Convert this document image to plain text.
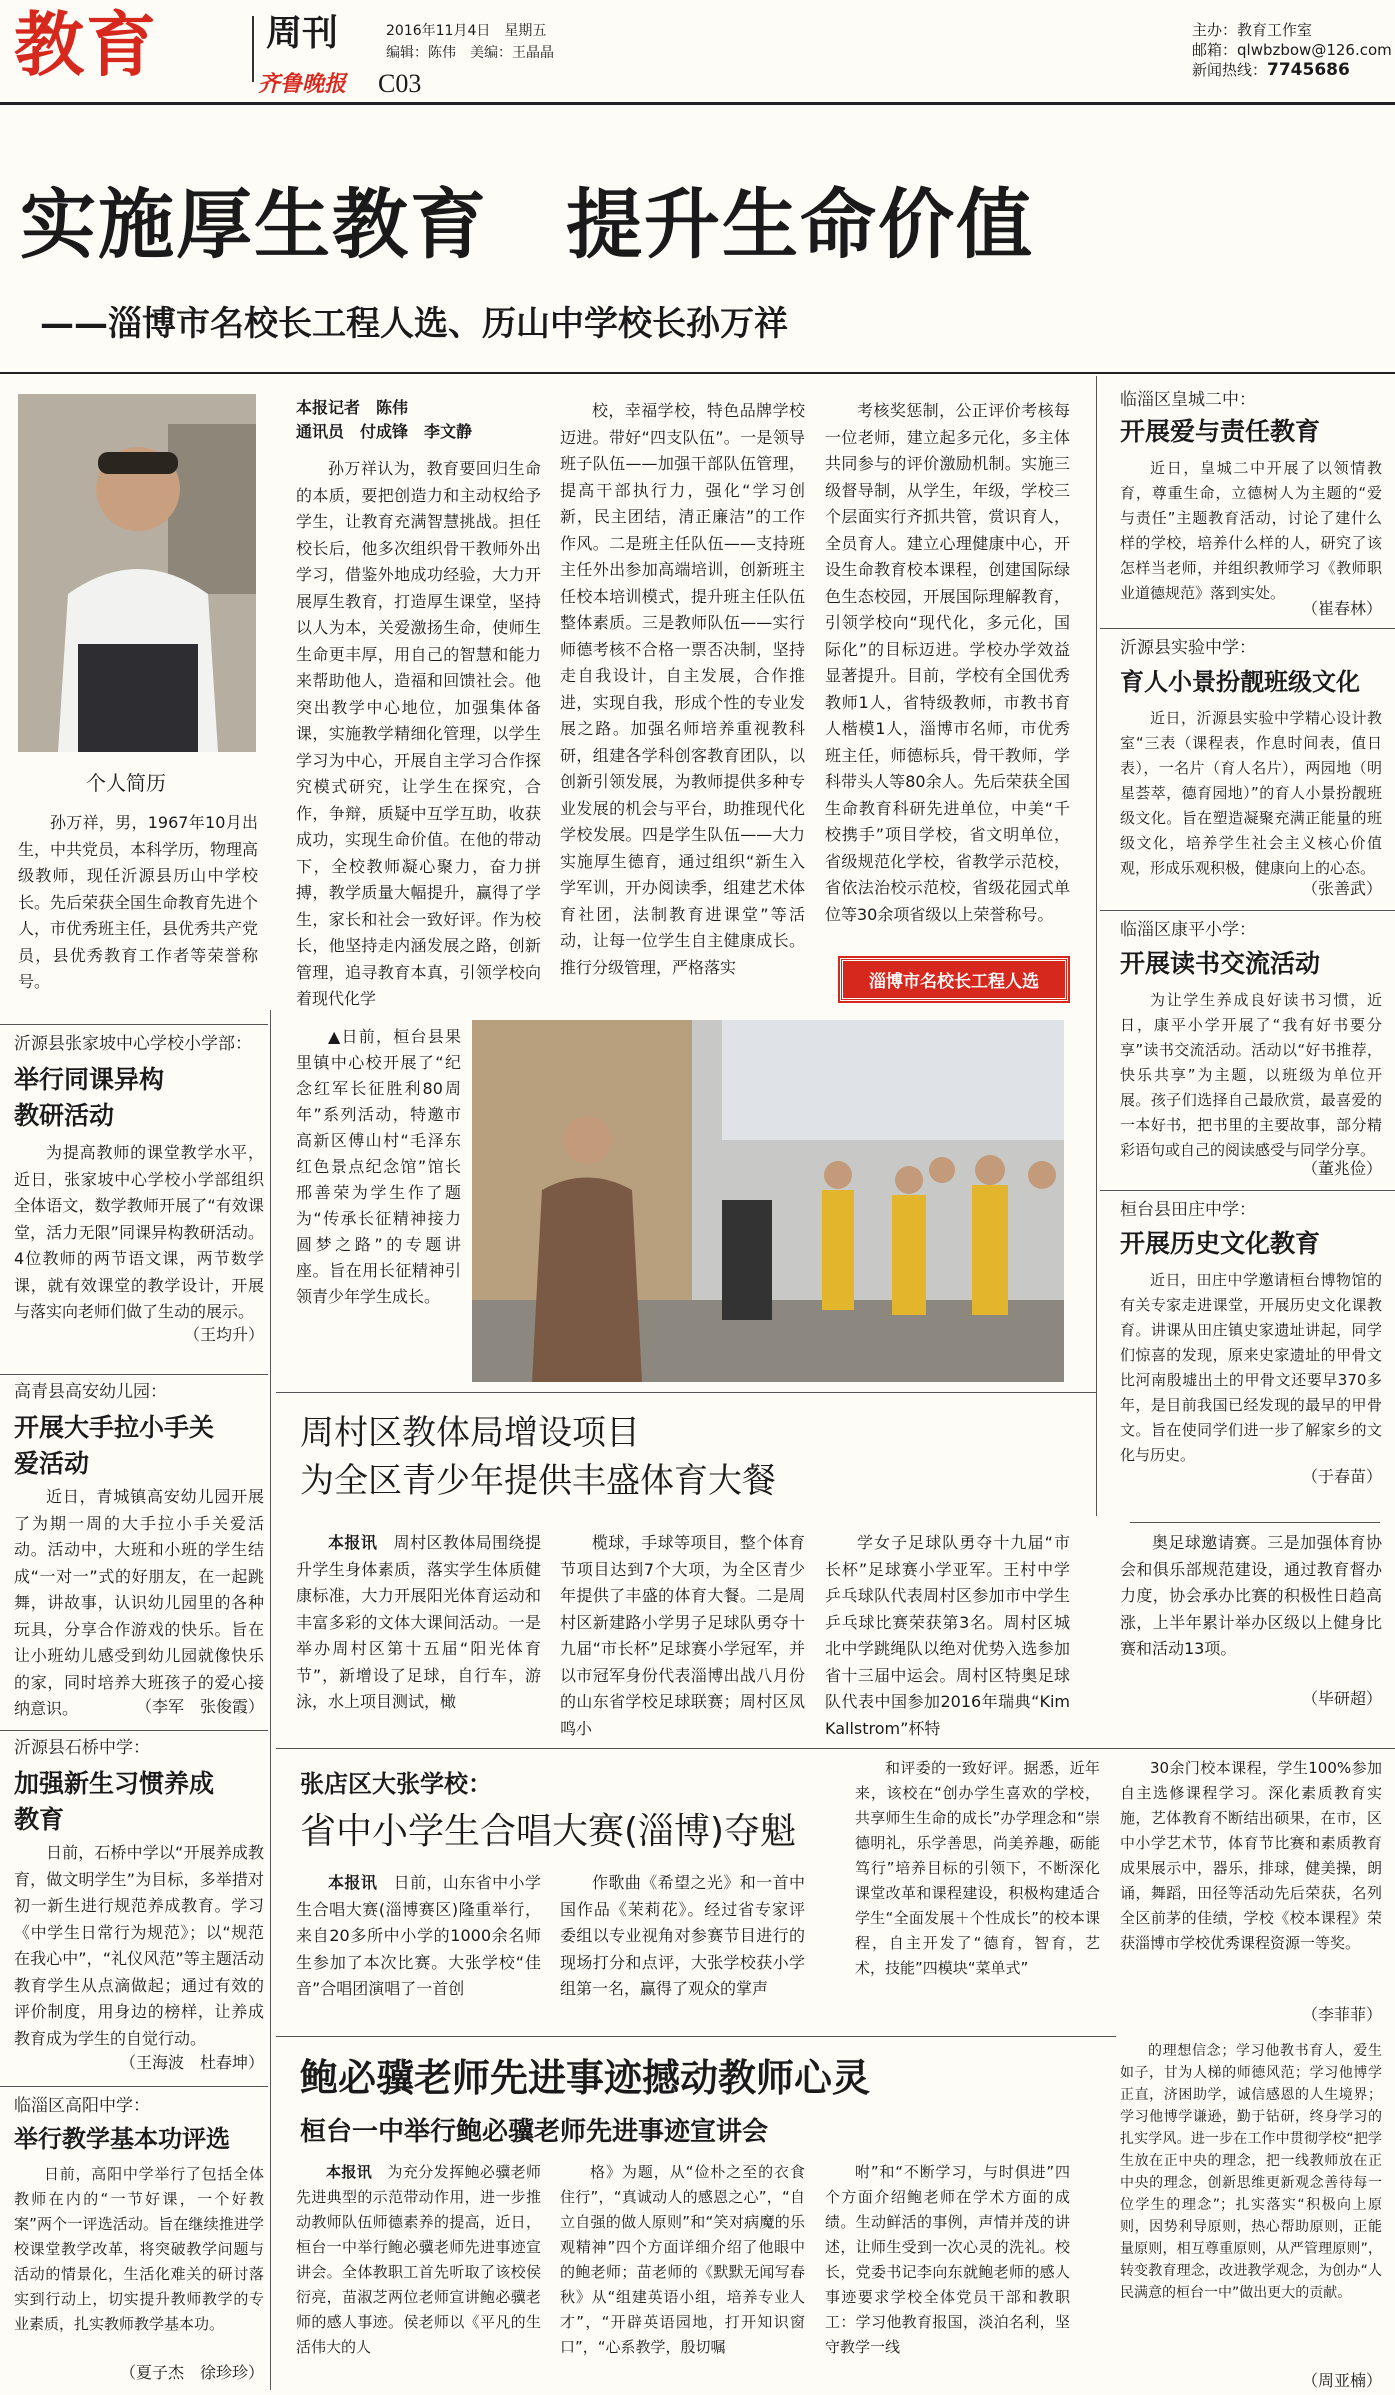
教育	周刊
齐鲁晚报 C03
2016年11月4日　星期五
编辑：陈伟　美编：王晶晶
主办：教育工作室
邮箱：qlwbzbow@126.com
新闻热线：7745686
实施厚生教育　提升生命价值
——淄博市名校长工程人选、历山中学校长孙万祥
个人简历
孙万祥，男，1967年10月出生，中共党员，本科学历，物理高级教师，现任沂源县历山中学校长。先后荣获全国生命教育先进个人，市优秀班主任，县优秀共产党员，县优秀教育工作者等荣誉称号。
本报记者　陈伟
通讯员　付成锋　李文静
孙万祥认为，教育要回归生命的本质，要把创造力和主动权给予学生，让教育充满智慧挑战。担任校长后，他多次组织骨干教师外出学习，借鉴外地成功经验，大力开展厚生教育，打造厚生课堂，坚持以人为本，关爱激扬生命，使师生生命更丰厚，用自己的智慧和能力来帮助他人，造福和回馈社会。他突出教学中心地位，加强集体备课，实施教学精细化管理，以学生学习为中心，开展自主学习合作探究模式研究，让学生在探究，合作，争辩，质疑中互学互助，收获成功，实现生命价值。在他的带动下，全校教师凝心聚力，奋力拼搏，教学质量大幅提升，赢得了学生，家长和社会一致好评。作为校长，他坚持走内涵发展之路，创新管理，追寻教育本真，引领学校向着现代化学
校，幸福学校，特色品牌学校迈进。带好“四支队伍”。一是领导班子队伍——加强干部队伍管理，提高干部执行力，强化“学习创新，民主团结，清正廉洁”的工作作风。二是班主任队伍——支持班主任外出参加高端培训，创新班主任校本培训模式，提升班主任队伍整体素质。三是教师队伍——实行师德考核不合格一票否决制，坚持走自我设计，自主发展，合作推进，实现自我，形成个性的专业发展之路。加强名师培养重视教科研，组建各学科创客教育团队，以创新引领发展，为教师提供多种专业发展的机会与平台，助推现代化学校发展。四是学生队伍——大力实施厚生德育，通过组织“新生入学军训，开办阅读季，组建艺术体育社团，法制教育进课堂”等活动，让每一位学生自主健康成长。推行分级管理，严格落实
考核奖惩制，公正评价考核每一位老师，建立起多元化，多主体共同参与的评价激励机制。实施三级督导制，从学生，年级，学校三个层面实行齐抓共管，赏识育人，全员育人。建立心理健康中心，开设生命教育校本课程，创建国际绿色生态校园，开展国际理解教育，引领学校向“现代化，多元化，国际化”的目标迈进。学校办学效益显著提升。目前，学校有全国优秀教师1人，省特级教师，市教书育人楷模1人，淄博市名师，市优秀班主任，师德标兵，骨干教师，学科带头人等80余人。先后荣获全国生命教育科研先进单位，中美“千校携手”项目学校，省文明单位，省级规范化学校，省教学示范校，省依法治校示范校，省级花园式单位等30余项省级以上荣誉称号。
淄博市名校长工程人选
▲日前，桓台县果里镇中心校开展了“纪念红军长征胜利80周年”系列活动，特邀市高新区傅山村“毛泽东红色景点纪念馆”馆长邢善荣为学生作了题为“传承长征精神接力圆梦之路”的专题讲座。旨在用长征精神引领青少年学生成长。
沂源县张家坡中心学校小学部：
举行同课异构教研活动
为提高教师的课堂教学水平，近日，张家坡中心学校小学部组织全体语文，数学教师开展了“有效课堂，活力无限”同课异构教研活动。4位教师的两节语文课，两节数学课，就有效课堂的教学设计，开展与落实向老师们做了生动的展示。
（王均升）
高青县高安幼儿园：
开展大手拉小手关爱活动
近日，青城镇高安幼儿园开展了为期一周的大手拉小手关爱活动。活动中，大班和小班的学生结成“一对一”式的好朋友，在一起跳舞，讲故事，认识幼儿园里的各种玩具，分享合作游戏的快乐。旨在让小班幼儿感受到幼儿园就像快乐的家，同时培养大班孩子的爱心接纳意识。	（李军　张俊霞）
沂源县石桥中学：
加强新生习惯养成教育
日前，石桥中学以“开展养成教育，做文明学生”为目标，多举措对初一新生进行规范养成教育。学习《中学生日常行为规范》；以“规范在我心中”，“礼仪风范”等主题活动教育学生从点滴做起；通过有效的评价制度，用身边的榜样，让养成教育成为学生的自觉行动。
（王海波　杜春坤）
临淄区高阳中学：
举行教学基本功评选
日前，高阳中学举行了包括全体教师在内的“一节好课，一个好教案”两个一评选活动。旨在继续推进学校课堂教学改革，将突破教学问题与活动的情景化，生活化难关的研讨落实到行动上，切实提升教师教学的专业素质，扎实教师教学基本功。
（夏子杰　徐珍珍）
临淄区皇城二中：
开展爱与责任教育
近日，皇城二中开展了以领情教育，尊重生命，立德树人为主题的“爱与责任”主题教育活动，讨论了建什么样的学校，培养什么样的人，研究了该怎样当老师，并组织教师学习《教师职业道德规范》落到实处。
（崔春林）
沂源县实验中学：
育人小景扮靓班级文化
近日，沂源县实验中学精心设计教室“三表（课程表，作息时间表，值日表），一名片（育人名片），两园地（明星荟萃，德育园地）”的育人小景扮靓班级文化。旨在塑造凝聚充满正能量的班级文化，培养学生社会主义核心价值观，形成乐观积极，健康向上的心态。
（张善武）
临淄区康平小学：
开展读书交流活动
为让学生养成良好读书习惯，近日，康平小学开展了“我有好书要分享”读书交流活动。活动以“好书推荐，快乐共享”为主题，以班级为单位开展。孩子们选择自己最欣赏，最喜爱的一本好书，把书里的主要故事，部分精彩语句或自己的阅读感受与同学分享。
（董兆俭）
桓台县田庄中学：
开展历史文化教育
近日，田庄中学邀请桓台博物馆的有关专家走进课堂，开展历史文化课教育。讲课从田庄镇史家遗址讲起，同学们惊喜的发现，原来史家遗址的甲骨文比河南殷墟出土的甲骨文还要早370多年，是目前我国已经发现的最早的甲骨文。旨在使同学们进一步了解家乡的文化与历史。
（于春苗）
周村区教体局增设项目
为全区青少年提供丰盛体育大餐
本报讯　 周村区教体局围绕提升学生身体素质，落实学生体质健康标准，大力开展阳光体育运动和丰富多彩的文体大课间活动。一是举办周村区第十五届“阳光体育节”，新增设了足球，自行车，游泳，水上项目测试，橄
榄球，手球等项目，整个体育节项目达到7个大项，为全区青少年提供了丰盛的体育大餐。二是周村区新建路小学男子足球队勇夺十九届“市长杯”足球赛小学冠军，并以市冠军身份代表淄博出战八月份的山东省学校足球联赛；周村区凤鸣小
学女子足球队勇夺十九届“市长杯”足球赛小学亚军。王村中学乒乓球队代表周村区参加市中学生乒乓球比赛荣获第3名。周村区城北中学跳绳队以绝对优势入选参加省十三届中运会。周村区特奥足球队代表中国参加2016年瑞典“Kim Kallstrom”杯特
奥足球邀请赛。三是加强体育协会和俱乐部规范建设，通过教育督办力度，协会承办比赛的积极性日趋高涨，上半年累计举办区级以上健身比赛和活动13项。
（毕研超）
张店区大张学校：
省中小学生合唱大赛(淄博)夺魁
本报讯　 日前，山东省中小学生合唱大赛(淄博赛区)隆重举行，来自20多所中小学的1000余名师生参加了本次比赛。大张学校“佳音”合唱团演唱了一首创
作歌曲《希望之光》和一首中国作品《茉莉花》。经过省专家评委组以专业视角对参赛节目进行的现场打分和点评，大张学校获小学组第一名，赢得了观众的掌声
和评委的一致好评。据悉，近年来，该校在“创办学生喜欢的学校，共享师生生命的成长”办学理念和“崇德明礼，乐学善思，尚美养趣，砺能笃行”培养目标的引领下，不断深化课堂改革和课程建设，积极构建适合学生“全面发展＋个性成长”的校本课程，自主开发了“德育，智育，艺术，技能”四模块“菜单式”
30余门校本课程，学生100%参加自主选修课程学习。深化素质教育实施，艺体教育不断结出硕果，在市，区中小学艺术节，体育节比赛和素质教育成果展示中，器乐，排球，健美操，朗诵，舞蹈，田径等活动先后荣获，名列全区前茅的佳绩，学校《校本课程》荣获淄博市学校优秀课程资源一等奖。
（李菲菲）
鲍必骥老师先进事迹撼动教师心灵
桓台一中举行鲍必骥老师先进事迹宣讲会
本报讯　 为充分发挥鲍必骥老师先进典型的示范带动作用，进一步推动教师队伍师德素养的提高，近日，桓台一中举行鲍必骥老师先进事迹宣讲会。全体教职工首先听取了该校侯衍亮，苗淑芝两位老师宣讲鲍必骥老师的感人事迹。侯老师以《平凡的生活伟大的人
格》为题，从“俭朴之至的衣食住行”，“真诚动人的感恩之心”，“自立自强的做人原则”和“笑对病魔的乐观精神”四个方面详细介绍了他眼中的鲍老师；苗老师的《默默无闻写春秋》从“组建英语小组，培养专业人才”，“开辟英语园地，打开知识窗口”，“心系教学，殷切嘱
咐”和“不断学习，与时俱进”四个方面介绍鲍老师在学术方面的成绩。生动鲜活的事例，声情并茂的讲述，让师生受到一次心灵的洗礼。校长，党委书记李向东就鲍老师的感人事迹要求学校全体党员干部和教职工：学习他教育报国，淡泊名利，坚守教学一线
的理想信念；学习他教书育人，爱生如子，甘为人梯的师德风范；学习他博学正直，济困助学，诚信感恩的人生境界；学习他博学谦逊，勤于钻研，终身学习的扎实学风。进一步在工作中贯彻学校“把学生放在正中央的理念，把一线教师放在正中央的理念，创新思维更新观念善待每一位学生的理念”；扎实落实“积极向上原则，因势利导原则，热心帮助原则，正能量原则，相互尊重原则，从严管理原则”，转变教育理念，改进教学观念，为创办“人民满意的桓台一中”做出更大的贡献。
（周亚楠）
